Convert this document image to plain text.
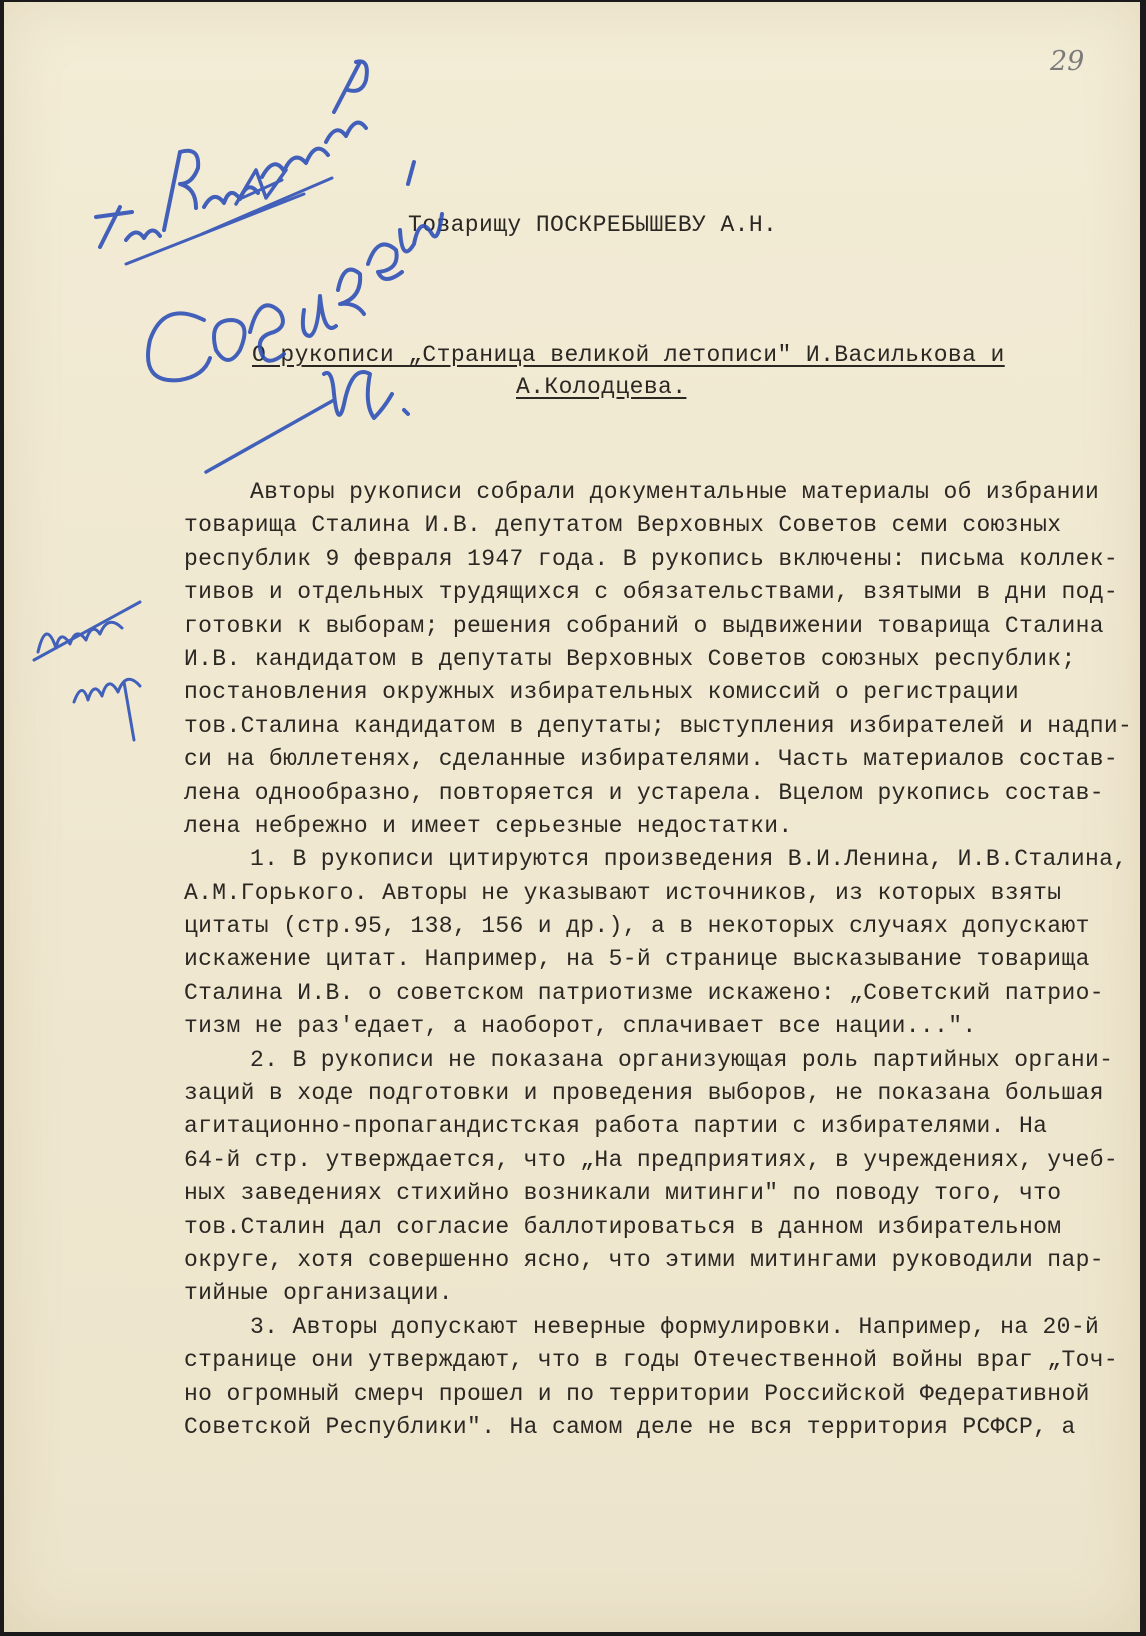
29
Товарищу ПОСКРЕБЫШЕВУ А.Н.
О рукописи „Страница великой летописи" И.Василькова и
А.Колодцева.
Авторы рукописи собрали документальные материалы об избрании
товарища Сталина И.В. депутатом Верховных Советов семи союзных
республик 9 февраля 1947 года. В рукопись включены: письма коллек-
тивов и отдельных трудящихся с обязательствами, взятыми в дни под-
готовки к выборам; решения собраний о выдвижении товарища Сталина
И.В. кандидатом в депутаты Верховных Советов союзных республик;
постановления окружных избирательных комиссий о регистрации
тов.Сталина кандидатом в депутаты; выступления избирателей и надпи-
си на бюллетенях, сделанные избирателями. Часть материалов состав-
лена однообразно, повторяется и устарела. Вцелом рукопись состав-
лена небрежно и имеет серьезные недостатки.
1. В рукописи цитируются произведения В.И.Ленина, И.В.Сталина,
А.М.Горького. Авторы не указывают источников, из которых взяты
цитаты (стр.95, 138, 156 и др.), а в некоторых случаях допускают
искажение цитат. Например, на 5-й странице высказывание товарища
Сталина И.В. о советском патриотизме искажено: „Советский патрио-
тизм не раз'едает, а наоборот, сплачивает все нации...".
2. В рукописи не показана организующая роль партийных органи-
заций в ходе подготовки и проведения выборов, не показана большая
агитационно-пропагандистская работа партии с избирателями. На
64-й стр. утверждается, что „На предприятиях, в учреждениях, учеб-
ных заведениях стихийно возникали митинги" по поводу того, что
тов.Сталин дал согласие баллотироваться в данном избирательном
округе, хотя совершенно ясно, что этими митингами руководили пар-
тийные организации.
3. Авторы допускают неверные формулировки. Например, на 20-й
странице они утверждают, что в годы Отечественной войны враг „Точ-
но огромный смерч прошел и по территории Российской Федеративной
Советской Республики". На самом деле не вся территория РСФСР, а
